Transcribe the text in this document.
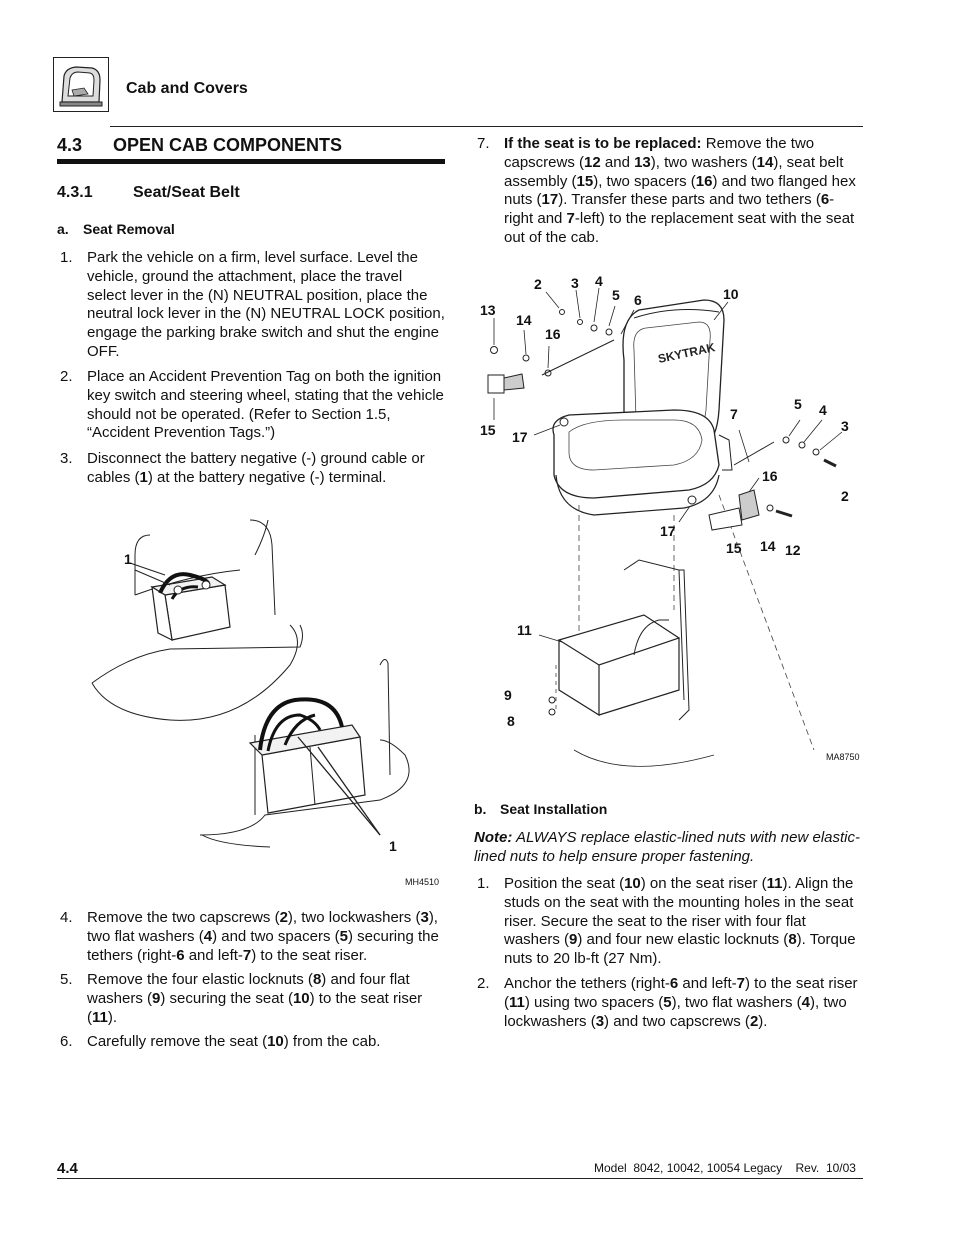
Cab and Covers
4.3 OPEN CAB COMPONENTS
4.3.1	Seat/Seat Belt
a. Seat Removal
1. Park the vehicle on a firm, level surface. Level the vehicle, ground the attachment, place the travel select lever in the (N) NEUTRAL position, place the neutral lock lever in the (N) NEUTRAL LOCK position, engage the parking brake switch and shut the engine OFF.
2. Place an Accident Prevention Tag on both the ignition key switch and steering wheel, stating that the vehicle should not be operated. (Refer to Section 1.5, “Accident Prevention Tags.”)
3. Disconnect the battery negative (-) ground cable or cables (1) at the battery negative (-) terminal.
1
1
MH4510
4. Remove the two capscrews (2), two lockwashers (3), two flat washers (4) and two spacers (5) securing the tethers (right-6 and left-7) to the seat riser.
5. Remove the four elastic locknuts (8) and four flat washers (9) securing the seat (10) to the seat riser (11).
6. Carefully remove the seat (10) from the cab.
7. If the seat is to be replaced: Remove the two capscrews (12 and 13), two washers (14), seat belt assembly (15), two spacers (16) and two flanged hex nuts (17). Transfer these parts and two tethers (6- right and 7-left) to the replacement seat with the seat out of the cab.
SKYTRAK
2 3 4
5 6	10
13
14
16
15 17
7
5 4
3
2
16
17
15 14 12
11
9
8
MA8750
b. Seat Installation
Note: ALWAYS replace elastic-lined nuts with new elastic-lined nuts to help ensure proper fastening.
1. Position the seat (10) on the seat riser (11). Align the studs on the seat with the mounting holes in the seat riser. Secure the seat to the riser with four flat washers (9) and four new elastic locknuts (8). Torque nuts to 20 lb-ft (27 Nm).
2. Anchor the tethers (right-6 and left-7) to the seat riser (11) using two spacers (5), two flat washers (4), two lockwashers (3) and two capscrews (2).
4.4	Model  8042, 10042, 10054 Legacy    Rev.  10/03
